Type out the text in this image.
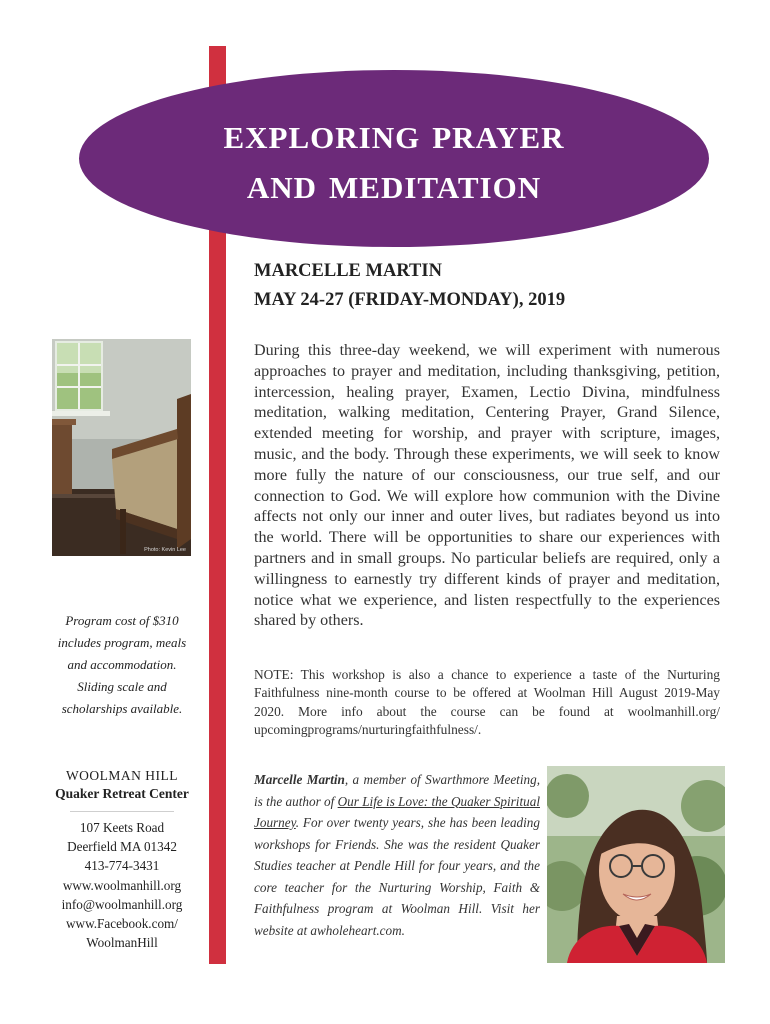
exploring prayer
and meditation
MARCELLE MARTIN
MAY 24-27 (FRIDAY-MONDAY), 2019

During this three-day weekend, we will experiment with numerous approaches to prayer and meditation, including thanksgiving, petition, intercession, healing prayer, Examen, Lectio Divina, mindfulness meditation, walking meditation, Centering Prayer, Grand Silence, extended meeting for worship, and prayer with scripture, images, music, and the body. Through these experiments, we will seek to know more fully the nature of our consciousness, our true self, and our connection to God. We will explore how communion with the Divine affects not only our inner and outer lives, but radiates beyond us into the world. There will be opportunities to share our experiences with partners and in small groups. No particular beliefs are required, only a willingness to earnestly try different kinds of prayer and meditation, notice what we experience, and listen respectfully to the experiences shared by others.

NOTE: This workshop is also a chance to experience a taste of the Nurturing Faithfulness nine-month course to be offered at Woolman Hill August 2019-May 2020. More info about the course can be found at woolmanhill.org/ upcomingprograms/nurturingfaithfulness/.

Photo: Kevin Lee
Program cost of $310
includes program, meals
and accommodation.
Sliding scale and
scholarships available.
WOOLMAN HILL
Quaker Retreat Center
107 Keets Road
Deerfield MA 01342
413-774-3431
www.woolmanhill.org
info@woolmanhill.org
www.Facebook.com/
WoolmanHill

Marcelle Martin, a member of Swarthmore Meeting, is the author of Our Life is Love: the Quaker Spiritual Journey. For over twenty years, she has been leading workshops for Friends. She was the resident Quaker Studies teacher at Pendle Hill for four years, and the core teacher for the Nurturing Worship, Faith & Faithfulness program at Woolman Hill. Visit her website at awholeheart.com.
